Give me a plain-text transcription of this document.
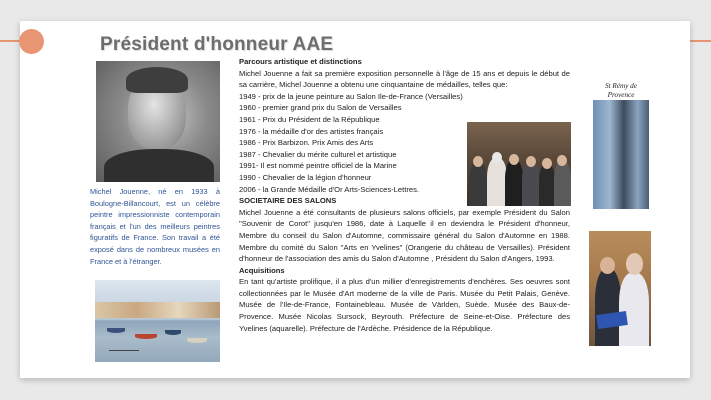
Président d'honneur AAE
Michel Jouenne, né en 1933 à Boulogne-Billancourt, est un célèbre peintre impressionniste contemporain français et l'un des meilleurs peintres figuratifs de France. Son travail a été exposé dans de nombreux musées en France et à l'étranger.
Parcours artistique et distinctions
Michel Jouenne a fait sa première exposition personnelle à l'âge de 15 ans et depuis le début de sa carrière, Michel Jouenne a obtenu une cinquantaine de médailles, telles que:
1949 - prix de la jeune peinture au Salon Ile-de-France (Versailles)
1960 - premier grand prix du Salon de Versailles
1961 - Prix du Président de la République
1976 - la médaille d'or des artistes français
1986 - Prix Barbizon. Prix Amis des Arts
1987 - Chevalier du mérite culturel et artistique
1991- Il est nommé peintre officiel de la Marine
1990 - Chevalier de la légion d'honneur
2006 - la Grande Médaille d'Or Arts-Sciences-Lettres.
SOCIETAIRE DES SALONS
Michel Jouenne a été consultants de plusieurs salons officiels, par exemple Président du Salon "Souvenir de Corot" jusqu'en 1986, date à Laquelle il en deviendra le Président d'honneur, Membre du conseil du Salon d'Automne, commissaire général du Salon d'Automne en 1988. Membre du comité du Salon "Arts en Yvelines" (Orangerie du château de Versailles). Président d'honneur de l'association des amis du Salon d'Automne , Président du Salon d'Angers, 1993.
Acquisitions
En tant qu'artiste prolifique, il a plus d'un millier d'enregistrements d'enchères. Ses oeuvres sont collectionnées par le Musée d'Art moderne de la ville de Paris. Musée du Petit Palais, Genève. Musée de l'Ile-de-France, Fontainebleau. Musée de Världen, Suède. Musée des Baux-de-Provence. Musée Nicolas Sursock, Beyrouth. Préfecture de Seine-et-Oise. Préfecture des Yvelines (aquarelle). Préfecture de l'Ardèche. Présidence de la République.
St Rémy de Provence
